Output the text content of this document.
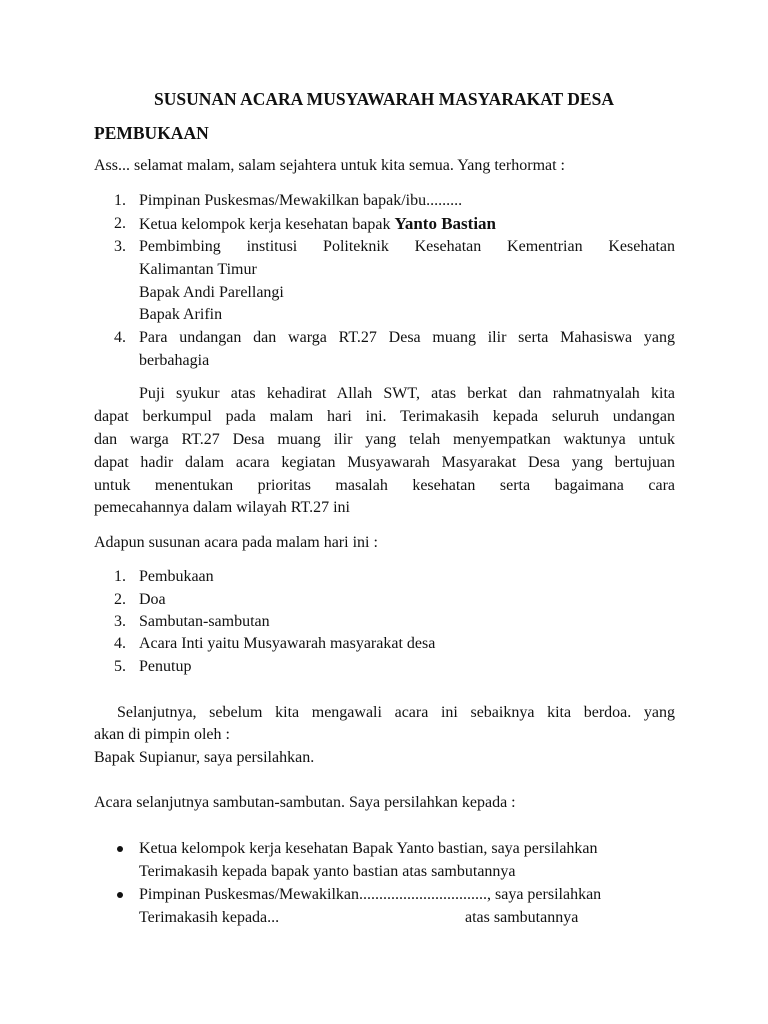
SUSUNAN ACARA MUSYAWARAH MASYARAKAT DESA

PEMBUKAAN

Ass... selamat malam, salam sejahtera untuk kita semua. Yang terhormat :

1. Pimpinan Puskesmas/Mewakilkan bapak/ibu.........
2. Ketua kelompok kerja kesehatan bapak Yanto Bastian
3. Pembimbing institusi Politeknik Kesehatan Kementrian Kesehatan
Kalimantan Timur
Bapak Andi Parellangi
Bapak Arifin
4. Para undangan dan warga RT.27 Desa muang ilir serta Mahasiswa yang
berbahagia
Puji syukur atas kehadirat Allah SWT, atas berkat dan rahmatnyalah kita
dapat berkumpul pada malam hari ini. Terimakasih kepada seluruh undangan
dan warga RT.27 Desa muang ilir yang telah menyempatkan waktunya untuk
dapat hadir dalam acara kegiatan Musyawarah Masyarakat Desa yang bertujuan
untuk menentukan prioritas masalah kesehatan serta bagaimana cara
pemecahannya dalam wilayah RT.27 ini

Adapun susunan acara pada malam hari ini :

1. Pembukaan
2. Doa
3. Sambutan-sambutan
4. Acara Inti yaitu Musyawarah masyarakat desa
5. Penutup
Selanjutnya, sebelum kita mengawali acara ini sebaiknya kita berdoa. yang
akan di pimpin oleh :
Bapak Supianur, saya persilahkan.

Acara selanjutnya sambutan-sambutan. Saya persilahkan kepada :

Ketua kelompok kerja kesehatan Bapak Yanto bastian, saya persilahkan
Terimakasih kepada bapak yanto bastian atas sambutannya
Pimpinan Puskesmas/Mewakilkan................................, saya persilahkan
Terimakasih kepada...	atas sambutannya
